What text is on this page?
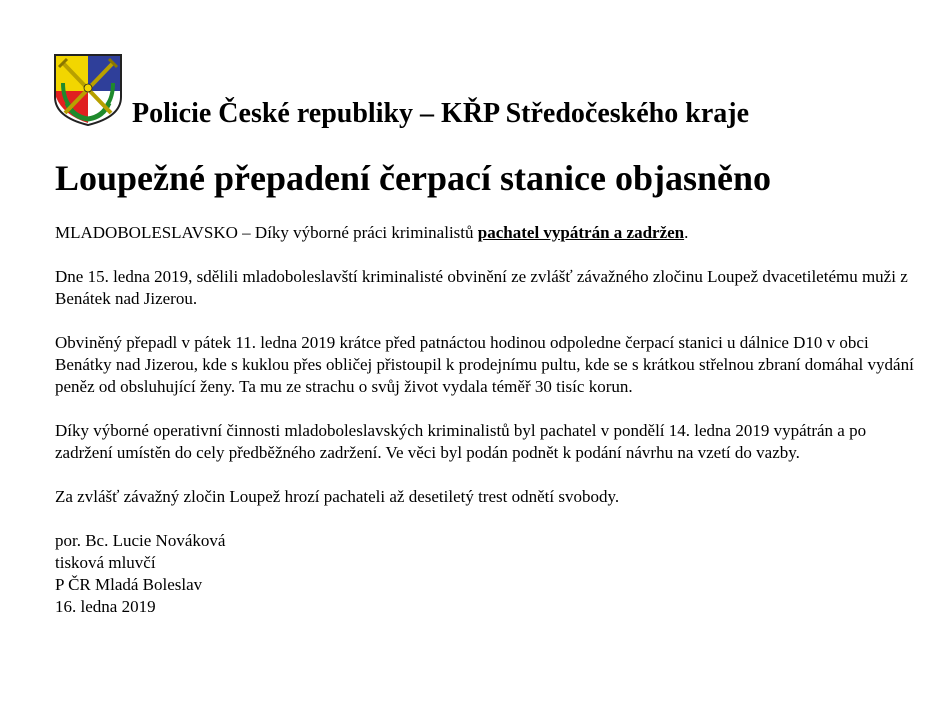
Policie České republiky – KŘP Středočeského kraje
Loupežné přepadení čerpací stanice objasněno

MLADOBOLESLAVSKO – Díky výborné práci kriminalistů pachatel vypátrán a zadržen.

Dne 15. ledna 2019, sdělili mladoboleslavští kriminalisté obvinění ze zvlášť závažného zločinu Loupež dvacetiletému muži z Benátek nad Jizerou.

Obviněný přepadl v pátek 11. ledna 2019 krátce před patnáctou hodinou odpoledne čerpací stanici u dálnice D10 v obci Benátky nad Jizerou, kde s kuklou přes obličej přistoupil k prodejnímu pultu, kde se s krátkou střelnou zbraní domáhal vydání peněz od obsluhující ženy. Ta mu ze strachu o svůj život vydala téměř 30 tisíc korun.

Díky výborné operativní činnosti mladoboleslavských kriminalistů byl pachatel v pondělí 14. ledna 2019 vypátrán a po zadržení umístěn do cely předběžného zadržení. Ve věci byl podán podnět k podání návrhu na vzetí do vazby.

Za zvlášť závažný zločin Loupež hrozí pachateli až desetiletý trest odnětí svobody.

por. Bc. Lucie Nováková
tisková mluvčí
P ČR Mladá Boleslav
16. ledna 2019
